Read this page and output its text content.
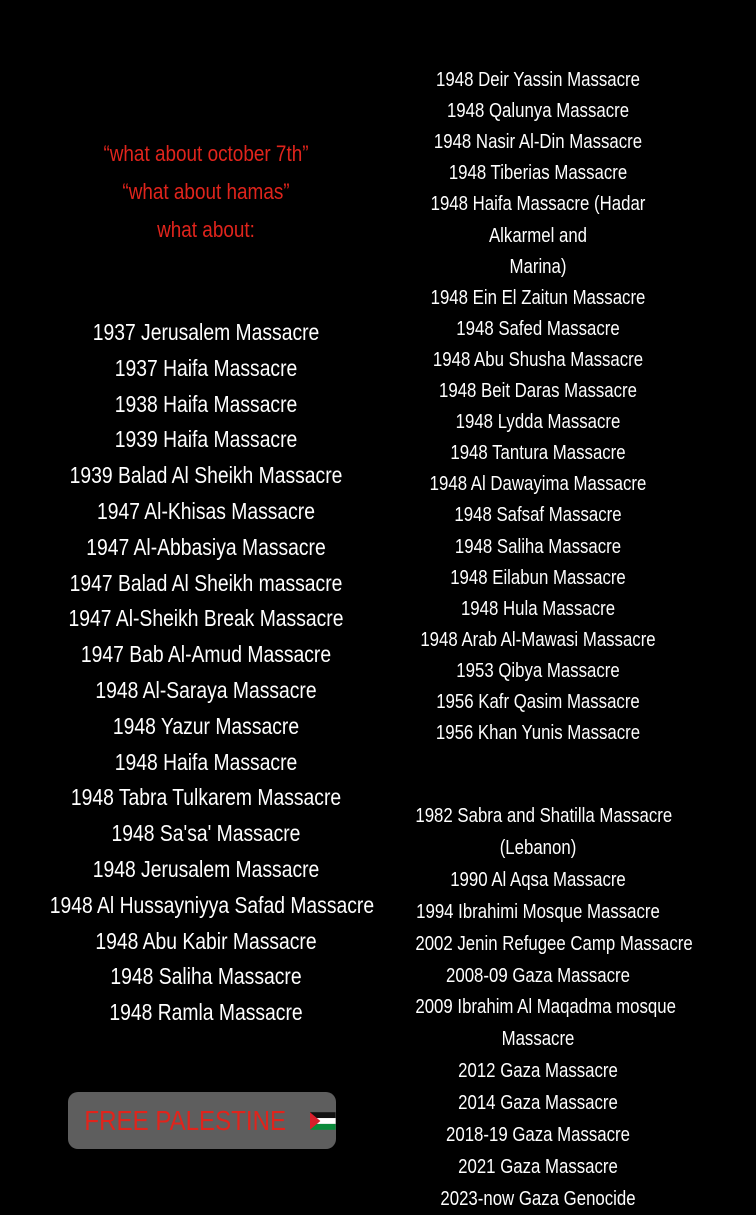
“what about october 7th”
“what about hamas”
what about:
1937 Jerusalem Massacre
1937 Haifa Massacre
1938 Haifa Massacre
1939 Haifa Massacre
1939 Balad Al Sheikh Massacre
1947 Al-Khisas Massacre
1947 Al-Abbasiya Massacre
1947 Balad Al Sheikh massacre
1947 Al-Sheikh Break Massacre
1947 Bab Al-Amud Massacre
1948 Al-Saraya Massacre
1948 Yazur Massacre
1948 Haifa Massacre
1948 Tabra Tulkarem Massacre
1948 Sa'sa' Massacre
1948 Jerusalem Massacre
1948 Al Hussayniyya Safad Massacre
1948 Abu Kabir Massacre
1948 Saliha Massacre
1948 Ramla Massacre
1948 Deir Yassin Massacre
1948 Qalunya Massacre
1948 Nasir Al-Din Massacre
1948 Tiberias Massacre
1948 Haifa Massacre (Hadar
Alkarmel and
Marina)
1948 Ein El Zaitun Massacre
1948 Safed Massacre
1948 Abu Shusha Massacre
1948 Beit Daras Massacre
1948 Lydda Massacre
1948 Tantura Massacre
1948 Al Dawayima Massacre
1948 Safsaf Massacre
1948 Saliha Massacre
1948 Eilabun Massacre
1948 Hula Massacre
1948 Arab Al-Mawasi Massacre
1953 Qibya Massacre
1956 Kafr Qasim Massacre
1956 Khan Yunis Massacre
1982 Sabra and Shatilla Massacre
(Lebanon)
1990 Al Aqsa Massacre
1994 Ibrahimi Mosque Massacre
2002 Jenin Refugee Camp Massacre
2008-09 Gaza Massacre
2009 Ibrahim Al Maqadma mosque
Massacre
2012 Gaza Massacre
2014 Gaza Massacre
2018-19 Gaza Massacre
2021 Gaza Massacre
2023-now Gaza Genocide
FREE PALESTINE
